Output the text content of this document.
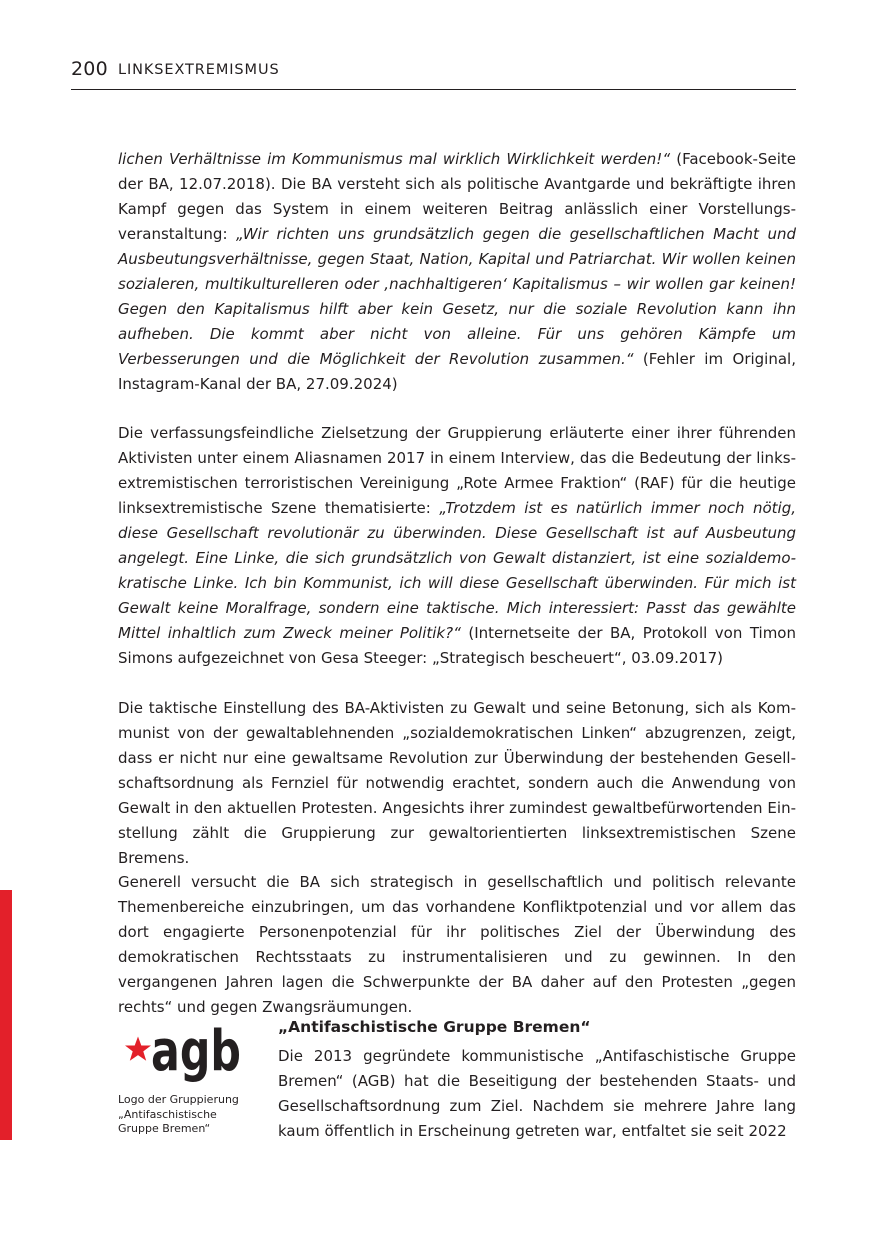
200 LINKSEXTREMISMUS
lichen Verhältnisse im Kommunismus mal wirklich Wirklichkeit werden!“ (Facebook-Seite der BA, 12.07.2018). Die BA versteht sich als politische Avantgarde und bekräftigte ihren Kampf gegen das System in einem weiteren Beitrag anlässlich einer Vorstellungsveranstaltung: „Wir richten uns grundsätzlich gegen die gesellschaftlichen Macht und Ausbeutungsverhältnisse, gegen Staat, Nation, Kapital und Patriarchat. Wir wollen keinen sozialeren, multikulturelleren oder ‚nachhaltigeren‘ Kapitalismus – wir wollen gar keinen! Gegen den Kapitalismus hilft aber kein Gesetz, nur die soziale Revolution kann ihn aufheben. Die kommt aber nicht von alleine. Für uns gehören Kämpfe um Verbesserungen und die Möglichkeit der Revolution zusammen.“ (Fehler im Original, Instagram-Kanal der BA, 27.09.2024)
Die verfassungsfeindliche Zielsetzung der Gruppierung erläuterte einer ihrer führenden Aktivisten unter einem Aliasnamen 2017 in einem Interview, das die Bedeutung der linksextremistischen terroristischen Vereinigung „Rote Armee Fraktion“ (RAF) für die heutige linksextremistische Szene thematisierte: „Trotzdem ist es natürlich immer noch nötig, diese Gesellschaft revolutionär zu überwinden. Diese Gesellschaft ist auf Ausbeutung angelegt. Eine Linke, die sich grundsätzlich von Gewalt distanziert, ist eine sozialdemokratische Linke. Ich bin Kommunist, ich will diese Gesellschaft überwinden. Für mich ist Gewalt keine Moralfrage, sondern eine taktische. Mich interessiert: Passt das gewählte Mittel inhaltlich zum Zweck meiner Politik?“ (Internetseite der BA, Protokoll von Timon Simons aufgezeichnet von Gesa Steeger: „Strategisch bescheuert“, 03.09.2017)
Die taktische Einstellung des BA-Aktivisten zu Gewalt und seine Betonung, sich als Kommunist von der gewaltablehnenden „sozialdemokratischen Linken“ abzugrenzen, zeigt, dass er nicht nur eine gewaltsame Revolution zur Überwindung der bestehenden Gesellschaftsordnung als Fernziel für notwendig erachtet, sondern auch die Anwendung von Gewalt in den aktuellen Protesten. Angesichts ihrer zumindest gewaltbefürwortenden Einstellung zählt die Gruppierung zur gewaltorientierten linksextremistischen Szene Bremens.
Generell versucht die BA sich strategisch in gesellschaftlich und politisch relevante Themenbereiche einzubringen, um das vorhandene Konfliktpotenzial und vor allem das dort engagierte Personenpotenzial für ihr politisches Ziel der Überwindung des demokratischen Rechtsstaats zu instrumentalisieren und zu gewinnen. In den vergangenen Jahren lagen die Schwerpunkte der BA daher auf den Protesten „gegen rechts“ und gegen Zwangsräumungen.
agb
Logo der Gruppierung „Antifaschistische Gruppe Bremen“
„Antifaschistische Gruppe Bremen“
Die 2013 gegründete kommunistische „Antifaschistische Gruppe Bremen“ (AGB) hat die Beseitigung der bestehenden Staats- und Gesellschaftsordnung zum Ziel. Nachdem sie mehrere Jahre lang kaum öffentlich in Erscheinung getreten war, entfaltet sie seit 2022
